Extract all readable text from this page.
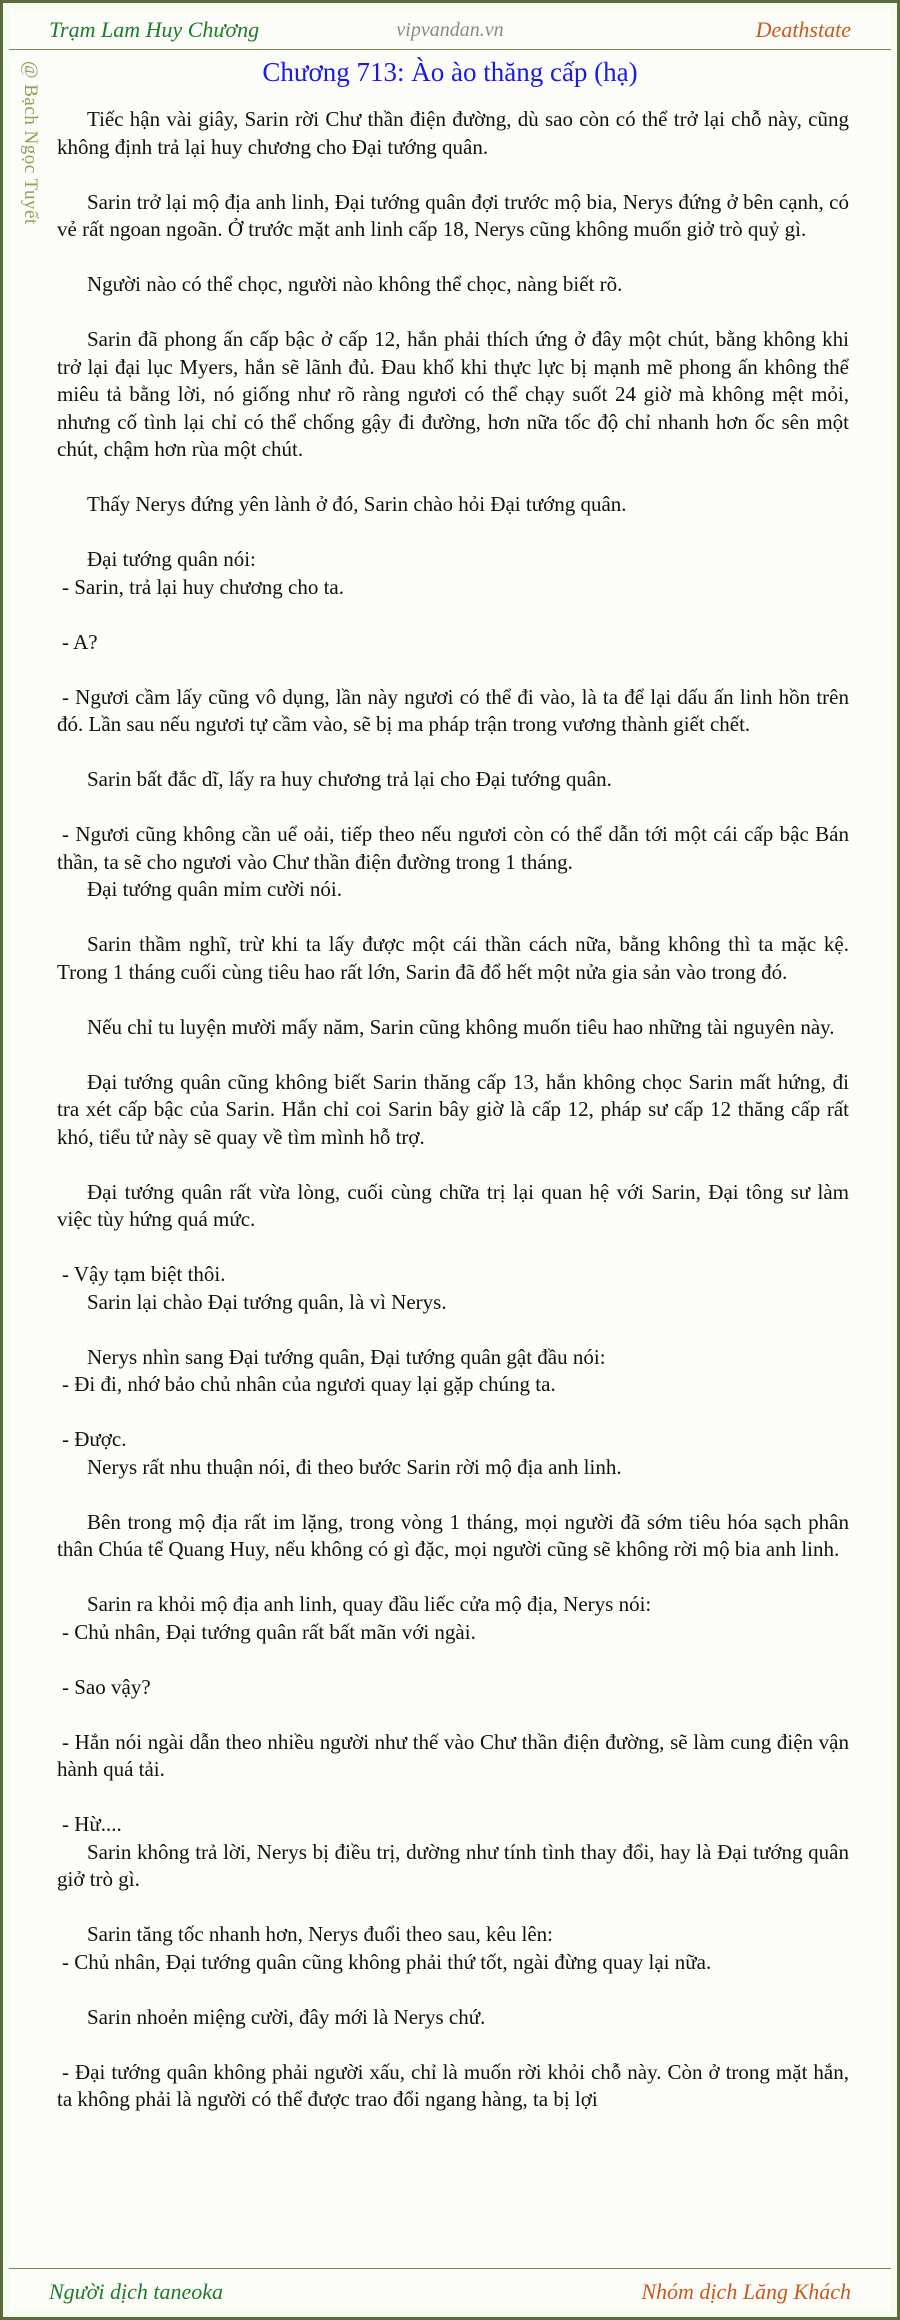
Trạm Lam Huy Chương	vipvandan.vn	Deathstate
@ Bạch Ngọc Tuyết	Chương 713: Ào ào thăng cấp (hạ)

Tiếc hận vài giây, Sarin rời Chư thần điện đường, dù sao còn có thể trở lại chỗ này, cũng không định trả lại huy chương cho Đại tướng quân.

Sarin trở lại mộ địa anh linh, Đại tướng quân đợi trước mộ bia, Nerys đứng ở bên cạnh, có vẻ rất ngoan ngoãn. Ở trước mặt anh linh cấp 18, Nerys cũng không muốn giở trò quỷ gì.

Người nào có thể chọc, người nào không thể chọc, nàng biết rõ.

Sarin đã phong ấn cấp bậc ở cấp 12, hắn phải thích ứng ở đây một chút, bằng không khi trở lại đại lục Myers, hắn sẽ lãnh đủ. Đau khổ khi thực lực bị mạnh mẽ phong ấn không thể miêu tả bằng lời, nó giống như rõ ràng ngươi có thể chạy suốt 24 giờ mà không mệt mỏi, nhưng cố tình lại chỉ có thể chống gậy đi đường, hơn nữa tốc độ chỉ nhanh hơn ốc sên một chút, chậm hơn rùa một chút.

Thấy Nerys đứng yên lành ở đó, Sarin chào hỏi Đại tướng quân.

Đại tướng quân nói:

- Sarin, trả lại huy chương cho ta.

- A?

- Ngươi cầm lấy cũng vô dụng, lần này ngươi có thể đi vào, là ta để lại dấu ấn linh hồn trên đó. Lần sau nếu ngươi tự cầm vào, sẽ bị ma pháp trận trong vương thành giết chết.

Sarin bất đắc dĩ, lấy ra huy chương trả lại cho Đại tướng quân.

- Ngươi cũng không cần uể oải, tiếp theo nếu ngươi còn có thể dẫn tới một cái cấp bậc Bán thần, ta sẽ cho ngươi vào Chư thần điện đường trong 1 tháng.

Đại tướng quân mỉm cười nói.

Sarin thầm nghĩ, trừ khi ta lấy được một cái thần cách nữa, bằng không thì ta mặc kệ. Trong 1 tháng cuối cùng tiêu hao rất lớn, Sarin đã đổ hết một nửa gia sản vào trong đó.

Nếu chỉ tu luyện mười mấy năm, Sarin cũng không muốn tiêu hao những tài nguyên này.

Đại tướng quân cũng không biết Sarin thăng cấp 13, hắn không chọc Sarin mất hứng, đi tra xét cấp bậc của Sarin. Hắn chỉ coi Sarin bây giờ là cấp 12, pháp sư cấp 12 thăng cấp rất khó, tiểu tử này sẽ quay về tìm mình hỗ trợ.

Đại tướng quân rất vừa lòng, cuối cùng chữa trị lại quan hệ với Sarin, Đại tông sư làm việc tùy hứng quá mức.

- Vậy tạm biệt thôi.

Sarin lại chào Đại tướng quân, là vì Nerys.

Nerys nhìn sang Đại tướng quân, Đại tướng quân gật đầu nói:

- Đi đi, nhớ bảo chủ nhân của ngươi quay lại gặp chúng ta.

- Được.

Nerys rất nhu thuận nói, đi theo bước Sarin rời mộ địa anh linh.

Bên trong mộ địa rất im lặng, trong vòng 1 tháng, mọi người đã sớm tiêu hóa sạch phân thân Chúa tể Quang Huy, nếu không có gì đặc, mọi người cũng sẽ không rời mộ bia anh linh.

Sarin ra khỏi mộ địa anh linh, quay đầu liếc cửa mộ địa, Nerys nói:

- Chủ nhân, Đại tướng quân rất bất mãn với ngài.

- Sao vậy?

- Hắn nói ngài dẫn theo nhiều người như thế vào Chư thần điện đường, sẽ làm cung điện vận hành quá tải.

- Hừ....

Sarin không trả lời, Nerys bị điều trị, dường như tính tình thay đổi, hay là Đại tướng quân giở trò gì.

Sarin tăng tốc nhanh hơn, Nerys đuổi theo sau, kêu lên:

- Chủ nhân, Đại tướng quân cũng không phải thứ tốt, ngài đừng quay lại nữa.

Sarin nhoẻn miệng cười, đây mới là Nerys chứ.

- Đại tướng quân không phải người xấu, chỉ là muốn rời khỏi chỗ này. Còn ở trong mặt hắn, ta không phải là người có thể được trao đổi ngang hàng, ta bị lợi

Người dịch taneoka	Nhóm dịch Lăng Khách
